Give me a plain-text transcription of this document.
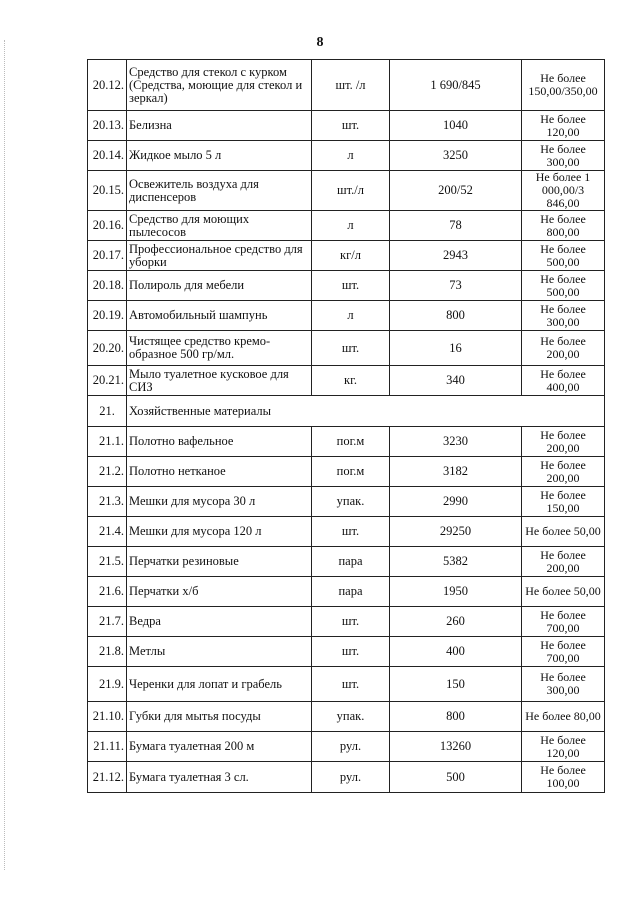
8
20.12.	Средство для стекол с курком (Средства, моющие для стекол и зеркал)	шт. /л	1 690/845	Не более 150,00/350,00
20.13.	Белизна	шт.	1040	Не более 120,00
20.14.	Жидкое мыло 5 л	л	3250	Не более 300,00
20.15.	Освежитель воздуха для диспенсеров	шт./л	200/52	Не более 1 000,00/3 846,00
20.16.	Средство для моющих пылесосов	л	78	Не более 800,00
20.17.	Профессиональное средство для уборки	кг/л	2943	Не более 500,00
20.18.	Полироль для мебели	шт.	73	Не более 500,00
20.19.	Автомобильный шампунь	л	800	Не более 300,00
20.20.	Чистящее средство кремо-образное 500 гр/мл.	шт.	16	Не более 200,00
20.21.	Мыло туалетное кусковое для СИЗ	кг.	340	Не более 400,00
21.	Хозяйственные материалы			
21.1.	Полотно вафельное	пог.м	3230	Не более 200,00
21.2.	Полотно нетканое	пог.м	3182	Не более 200,00
21.3.	Мешки для мусора 30 л	упак.	2990	Не более 150,00
21.4.	Мешки для мусора 120 л	шт.	29250	Не более 50,00
21.5.	Перчатки резиновые	пара	5382	Не более 200,00
21.6.	Перчатки х/б	пара	1950	Не более 50,00
21.7.	Ведра	шт.	260	Не более 700,00
21.8.	Метлы	шт.	400	Не более 700,00
21.9.	Черенки для лопат и грабель	шт.	150	Не более 300,00
21.10.	Губки для мытья посуды	упак.	800	Не более 80,00
21.11.	Бумага туалетная 200 м	рул.	13260	Не более 120,00
21.12.	Бумага туалетная 3 сл.	рул.	500	Не более 100,00
